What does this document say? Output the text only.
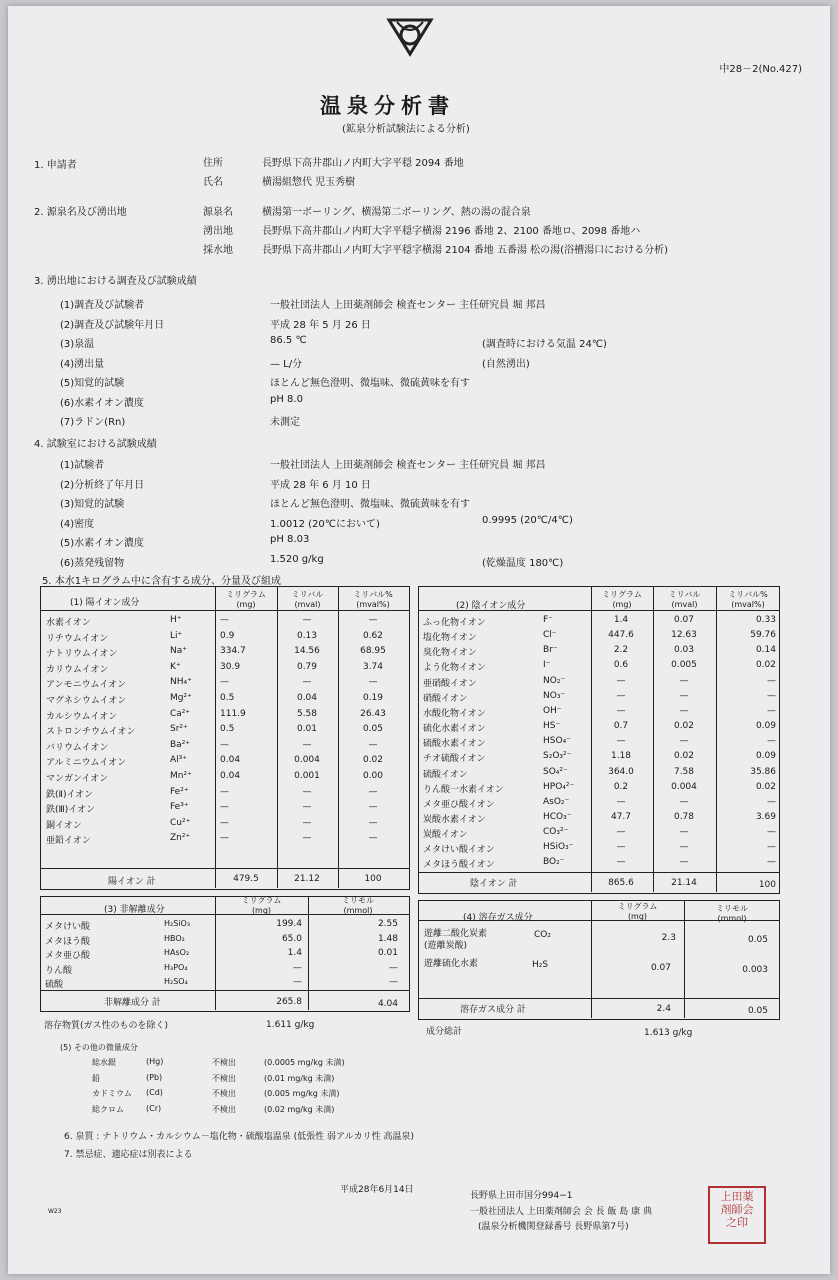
中28－2(No.427)
温泉分析書
(鉱泉分析試験法による分析)
1. 申請者	住所	長野県下高井郡山ノ内町大字平穏 2094 番地
氏名	横湯組惣代 児玉秀樹
2. 源泉名及び湧出地	源泉名	横湯第一ボーリング、横湯第二ボーリング、熱の湯の混合泉
湧出地	長野県下高井郡山ノ内町大字平穏字横湯 2196 番地 2、2100 番地ロ、2098 番地ハ
採水地	長野県下高井郡山ノ内町大字平穏字横湯 2104 番地 五番湯 松の湯(浴槽湯口における分析)
3. 湧出地における調査及び試験成績
(1)調査及び試験者	一般社団法人 上田薬剤師会 検査センター 主任研究員 堀 邦昌
(2)調査及び試験年月日	平成 28 年 5 月 26 日
(3)泉温	86.5 ℃	(調査時における気温 24℃)
(4)湧出量	— L/分	(自然湧出)
(5)知覚的試験	ほとんど無色澄明、微塩味、微硫黄味を有す
(6)水素イオン濃度	pH 8.0
(7)ラドン(Rn)	未測定
4. 試験室における試験成績
(1)試験者	一般社団法人 上田薬剤師会 検査センター 主任研究員 堀 邦昌
(2)分析終了年月日	平成 28 年 6 月 10 日
(3)知覚的試験	ほとんど無色澄明、微塩味、微硫黄味を有す
(4)密度	1.0012 (20℃において)	0.9995 (20℃/4℃)
(5)水素イオン濃度	pH 8.03
(6)蒸発残留物	1.520 g/kg	(乾燥温度 180℃)
5. 本水1キログラム中に含有する成分、分量及び組成
(1) 陽イオン成分
ミリグラム
(mg)
ミリバル
(mval)
ミリバル%
(mval%)
水素イオン	H⁺	—	—	—
リチウムイオン	Li⁺	0.9	0.13	0.62
ナトリウムイオン	Na⁺	334.7	14.56	68.95
カリウムイオン	K⁺	30.9	0.79	3.74
アンモニウムイオン	NH₄⁺	—	—	—
マグネシウムイオン	Mg²⁺	0.5	0.04	0.19
カルシウムイオン	Ca²⁺	111.9	5.58	26.43
ストロンチウムイオン	Sr²⁺	0.5	0.01	0.05
バリウムイオン	Ba²⁺	—	—	—
アルミニウムイオン	Al³⁺	0.04	0.004	0.02
マンガンイオン	Mn²⁺	0.04	0.001	0.00
鉄(Ⅱ)イオン	Fe²⁺	—	—	—
鉄(Ⅲ)イオン	Fe³⁺	—	—	—
銅イオン	Cu²⁺	—	—	—
亜鉛イオン	Zn²⁺	—	—	—
陽イオン 計	479.5	21.12	100
(2) 陰イオン成分
ミリグラム
(mg)
ミリバル
(mval)
ミリバル%
(mval%)
ふっ化物イオン	F⁻	1.4	0.07	0.33
塩化物イオン	Cl⁻	447.6	12.63	59.76
臭化物イオン	Br⁻	2.2	0.03	0.14
よう化物イオン	I⁻	0.6	0.005	0.02
亜硝酸イオン	NO₂⁻	—	—	—
硝酸イオン	NO₃⁻	—	—	—
水酸化物イオン	OH⁻	—	—	—
硫化水素イオン	HS⁻	0.7	0.02	0.09
硫酸水素イオン	HSO₄⁻	—	—	—
チオ硫酸イオン	S₂O₃²⁻	1.18	0.02	0.09
硫酸イオン	SO₄²⁻	364.0	7.58	35.86
りん酸一水素イオン	HPO₄²⁻	0.2	0.004	0.02
メタ亜ひ酸イオン	AsO₂⁻	—	—	—
炭酸水素イオン	HCO₃⁻	47.7	0.78	3.69
炭酸イオン	CO₃²⁻	—	—	—
メタけい酸イオン	HSiO₃⁻	—	—	—
メタほう酸イオン	BO₂⁻	—	—	—
陰イオン 計	865.6	21.14	100
(3) 非解離成分
ミリグラム
(mg)
ミリモル
(mmol)
メタけい酸	H₂SiO₃	199.4	2.55
メタほう酸	HBO₂	65.0	1.48
メタ亜ひ酸	HAsO₂	1.4	0.01
りん酸	H₃PO₄	—	—
硫酸	H₂SO₄	—	—
非解離成分 計	265.8	4.04
(4) 溶存ガス成分
ミリグラム
(mg)
ミリモル
(mmol)
遊離二酸化炭素
(遊離炭酸)
CO₂	2.3	0.05
遊離硫化水素	H₂S	0.07	0.003
溶存ガス成分 計	2.4	0.05
溶存物質(ガス性のものを除く)	1.611 g/kg
成分総計	1.613 g/kg
(5) その他の微量成分
総水銀	(Hg)	不検出	(0.0005 mg/kg 未満)
鉛	(Pb)	不検出	(0.01 mg/kg 未満)
カドミウム (Cd)	不検出	(0.005 mg/kg 未満)
総クロム	(Cr)	不検出	(0.02 mg/kg 未満)
6. 泉質 : ナトリウム・カルシウム－塩化物・硫酸塩温泉 (低張性 弱アルカリ性 高温泉)
7. 禁忌症、適応症は別表による
平成28年6月14日
長野県上田市国分994−1
一般社団法人 上田薬剤師会 会 長 飯 島 康 典
(温泉分析機関登録番号 長野県第7号)
W23
上田薬剤師会之印
